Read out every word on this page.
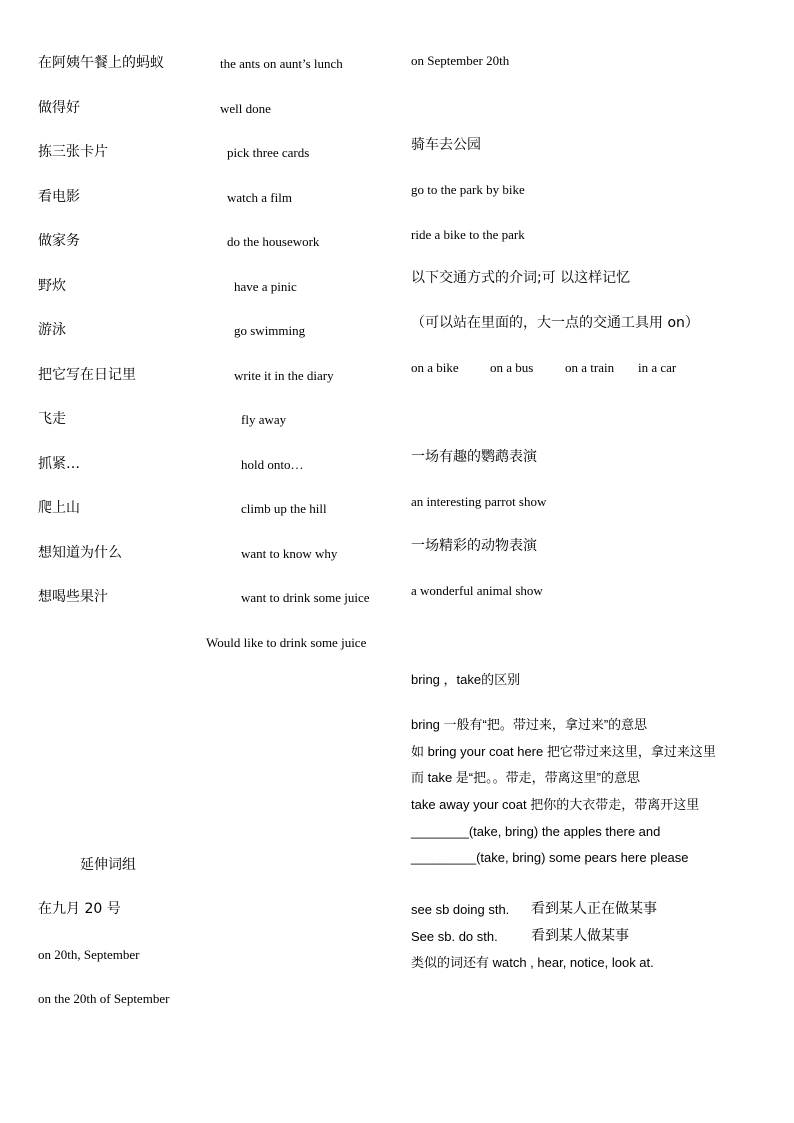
在阿姨午餐上的蚂蚁	the ants on aunt’s lunch
做得好	well done
拣三张卡片	pick three cards
看电影	watch a film
做家务	do the housework
野炊	have a pinic
游泳	go swimming
把它写在日记里	write it in the diary
飞走	fly away
抓紧…	hold onto…
爬上山	climb up the hill
想知道为什么	want to know why
想喝些果汁	want to drink some juice
Would like to drink some juice
延伸词组
在九月 20 号
on 20th, September
on the 20th of September
on September 20th
骑车去公园
go to the park by bike
ride a bike to the park
以下交通方式的介词;可 以这样记忆
（可以站在里面的，大一点的交通工具用 on）
on a bike on a bus on a train in a car
一场有趣的鹦鹉表演
an interesting parrot show
一场精彩的动物表演
a wonderful animal show
bring ，take的区别
bring 一般有“把。带过来，拿过来”的意思
如 bring your coat here 把它带过来这里，拿过来这里
而 take 是“把。。带走，带离这里”的意思
take away your coat 把你的大衣带走，带离开这里
________(take, bring) the apples there and
_________(take, bring) some pears here please
see sb doing sth. 看到某人正在做某事
See sb. do sth. 看到某人做某事
类似的词还有 watch , hear, notice, look at.
